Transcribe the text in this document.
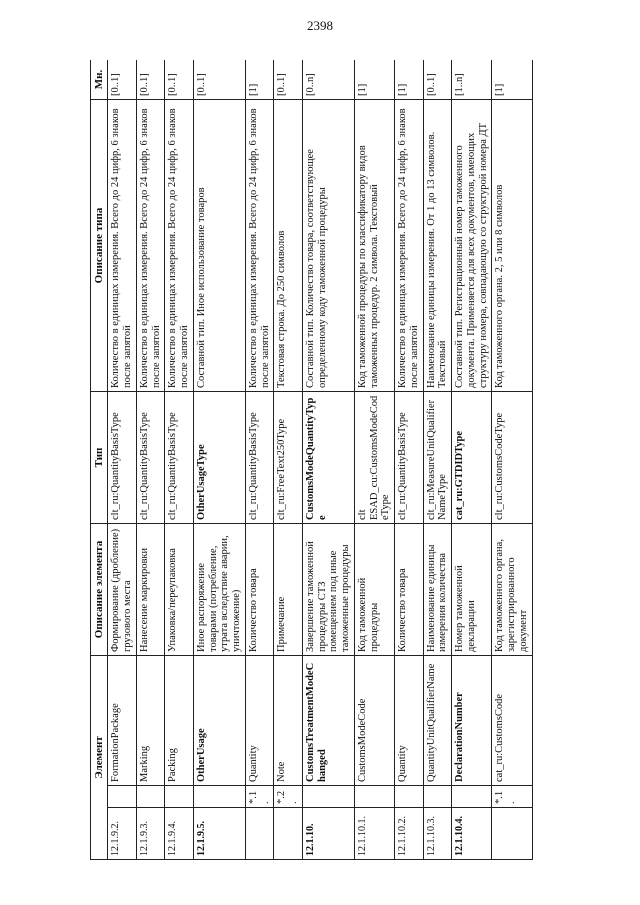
2398
Элемент			Описание элемента	Тип	Описание типа	Мн.
12.1.9.2.		FormationPackage	Формирование (дробление) грузового места	clt_ru:QuantityBasisType	Количество в единицах измерения. Всего до 24 цифр, 6 знаков после запятой	[0..1]
12.1.9.3.		Marking	Нанесение маркировки	clt_ru:QuantityBasisType	Количество в единицах измерения. Всего до 24 цифр, 6 знаков после запятой	[0..1]
12.1.9.4.		Packing	Упаковка/переупаковка	clt_ru:QuantityBasisType	Количество в единицах измерения. Всего до 24 цифр, 6 знаков после запятой	[0..1]
12.1.9.5.		OtherUsage	Иное распоряжение товарами (потребление, утрата вследствие аварии, уничтожение)	OtherUsageType	Составной тип. Иное использование товаров	[0..1]
	*.1.	Quantity	Количество товара	clt_ru:QuantityBasisType	Количество в единицах измерения. Всего до 24 цифр, 6 знаков после запятой	[1]
	*.2.	Note	Примечание	clt_ru:FreeText250Type	Текстовая строка. До 250 символов	[0..1]
12.1.10.		CustomsTreatmentModeChanged	Завершение таможенной процедуры СТЗ помещением под иные таможенные процедуры	CustomsModeQuantityType	Составной тип. Количество товара, соответствующее определенному коду таможенной процедуры	[0..n]
12.1.10.1.		CustomsModeCode	Код таможенной процедуры	clt ESAD_cu:CustomsModeCodeType	Код таможенной процедуры по классификатору видов таможенных процедур. 2 символа. Текстовый	[1]
12.1.10.2.		Quantity	Количество товара	clt_ru:QuantityBasisType	Количество в единицах измерения. Всего до 24 цифр, 6 знаков после запятой	[1]
12.1.10.3.		QuantityUnitQualifierName	Наименование единицы измерения количества	clt_ru:MeasureUnitQualifierNameType	Наименование единицы измерения. От 1 до 13 символов. Текстовый	[0..1]
12.1.10.4.		DeclarationNumber	Номер таможенной декларации	cat_ru:GTDIDType	Составной тип. Регистрационный номер таможенного документа. Применяется для всех документов, имеющих структуру номера, совпадающую со структурой номера ДТ	[1..n]
	*.1.	cat_ru:CustomsCode	Код таможенного органа, зарегистрированного документ	clt_ru:CustomsCodeType	Код таможенного органа. 2, 5 или 8 символов	[1]
